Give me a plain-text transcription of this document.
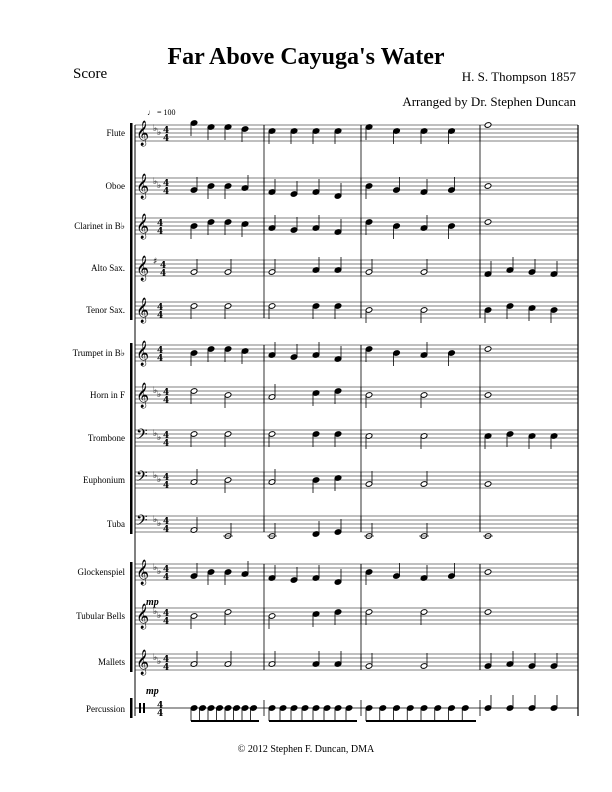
Far Above Cayuga's Water
Score	H. S. Thompson 1857
Arranged by Dr. Stephen Duncan
♩ = 100
Flute
Oboe
Clarinet in B♭
Alto Sax.
Tenor Sax.
Trumpet in B♭
Horn in F
Trombone
Euphonium
Tuba
Glockenspiel
Tubular Bells
Mallets
Percussion
𝄞 ♭ ♭ 4
4
𝄞 ♭ ♭ 4
4
𝄞 4
4
𝄞 ♯ 4
4
𝄞 4
4
𝄞 4
4
𝄞 ♭ ♭ 4
4
𝄢 ♭ ♭ 4
4
𝄢 ♭ ♭ 4
4
𝄢 ♭ ♭ 4
4
𝄞 ♭ ♭ 4
4
𝄞 ♭ ♭ 4
4
𝄞 ♭ ♭ 4
4
4
4
mp
mp
© 2012 Stephen F. Duncan, DMA
